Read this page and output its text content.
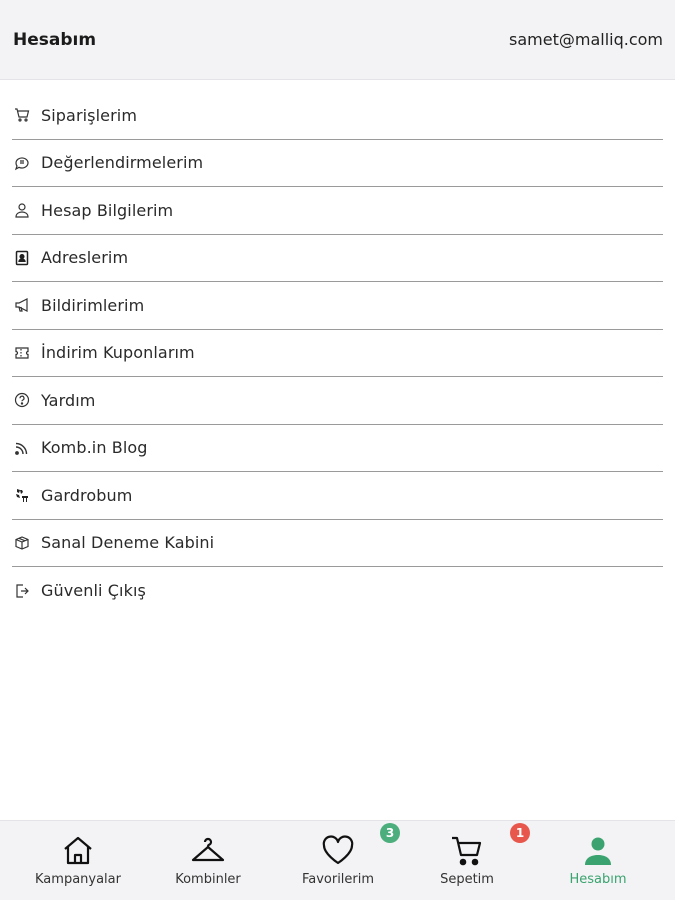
Hesabım	samet@malliq.com
Siparişlerim
Değerlendirmelerim
Hesap Bilgilerim
Adreslerim
Bildirimlerim
İndirim Kuponlarım
Yardım
Komb.in Blog
Gardrobum
Sanal Deneme Kabini
Güvenli Çıkış
Kampanyalar	Kombinler
3
Favorilerim
1
Sepetim	Hesabım
